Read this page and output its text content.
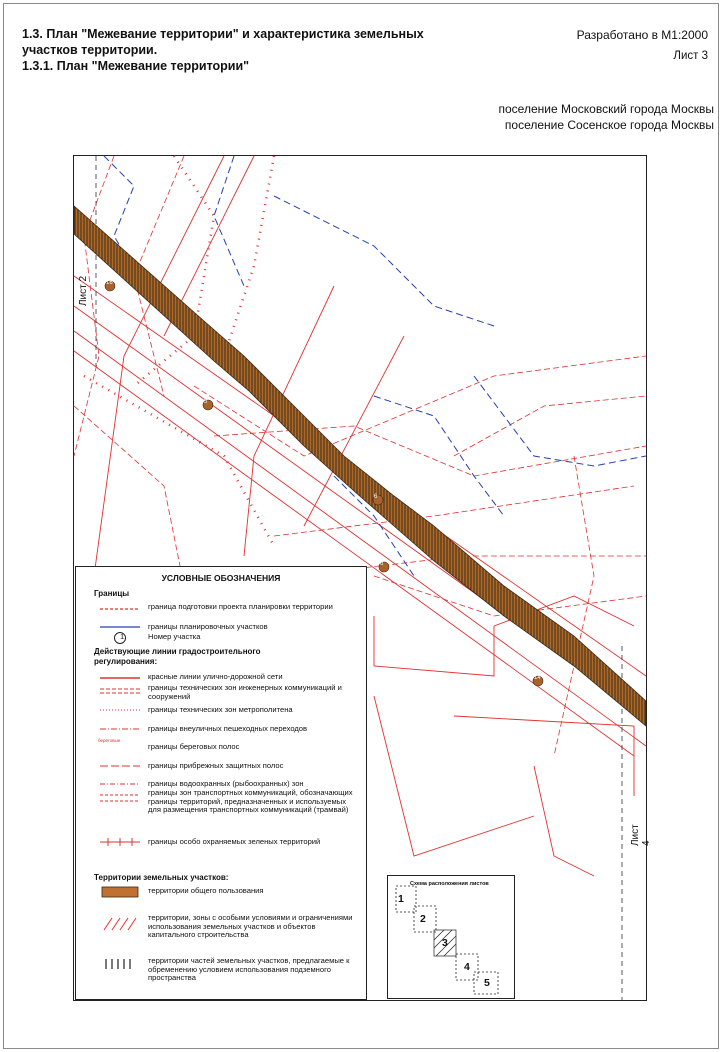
1.3. План "Межевание территории" и характеристика земельных
участков территории.
1.3.1. План "Межевание территории"
Разработано в М1:2000
Лист 3
поселение Московский города Москвы
поселение Сосенское города Москвы
Лист 2
Лист 4
16
5
6
6
14
УСЛОВНЫЕ ОБОЗНАЧЕНИЯ
Границы
граница подготовки проекта планировки территории
границы планировочных участков
1	Номер участка
Действующие линии градостроительного регулирования:
красные линии улично-дорожной сети
границы технических зон инженерных коммуникаций и сооружений
границы технических зон метрополитена
границы внеуличных пешеходных переходов
береговые
границы береговых полос
границы прибрежных защитных полос
границы водоохранных (рыбоохранных) зон
границы зон транспортных коммуникаций, обозначающих границы территорий, предназначенных и используемых для размещения транспортных коммуникаций (трамвай)
границы особо охраняемых зеленых территорий
Территории земельных участков:
территории общего пользования
территории, зоны с особыми условиями и ограничениями использования земельных участков и объектов капитального строительства
территории частей земельных участков, предлагаемые к обременению условием использования подземного пространства
Схема расположения листов
1
2
3
4
5
